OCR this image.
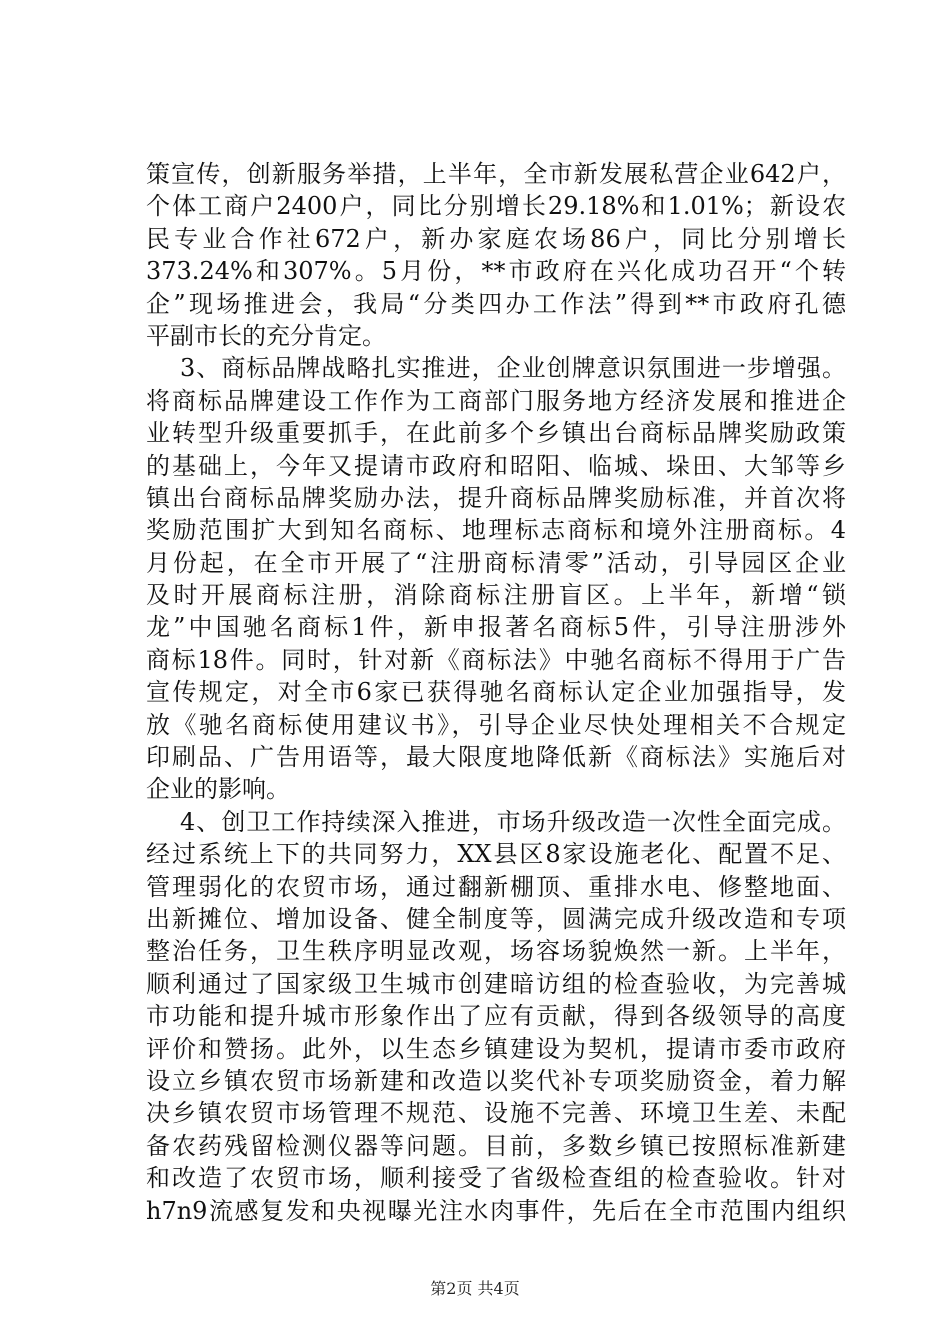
策宣传，创新服务举措，上半年，全市新发展私营企业642户，
个体工商户2400户，同比分别增长29.18%和1.01%；新设农
民专业合作社672户，新办家庭农场86户，同比分别增长
373.24%和307%。5月份，**市政府在兴化成功召开“个转
企”现场推进会，我局“分类四办工作法”得到**市政府孔德
平副市长的充分肯定。
3、商标品牌战略扎实推进，企业创牌意识氛围进一步增强。
将商标品牌建设工作作为工商部门服务地方经济发展和推进企
业转型升级重要抓手，在此前多个乡镇出台商标品牌奖励政策
的基础上，今年又提请市政府和昭阳、临城、垛田、大邹等乡
镇出台商标品牌奖励办法，提升商标品牌奖励标准，并首次将
奖励范围扩大到知名商标、地理标志商标和境外注册商标。4
月份起，在全市开展了“注册商标清零”活动，引导园区企业
及时开展商标注册，消除商标注册盲区。上半年，新增“锁
龙”中国驰名商标1件，新申报著名商标5件，引导注册涉外
商标18件。同时，针对新《商标法》中驰名商标不得用于广告
宣传规定，对全市6家已获得驰名商标认定企业加强指导，发
放《驰名商标使用建议书》，引导企业尽快处理相关不合规定
印刷品、广告用语等，最大限度地降低新《商标法》实施后对
企业的影响。
4、创卫工作持续深入推进，市场升级改造一次性全面完成。
经过系统上下的共同努力，XX县区8家设施老化、配置不足、
管理弱化的农贸市场，通过翻新棚顶、重排水电、修整地面、
出新摊位、增加设备、健全制度等，圆满完成升级改造和专项
整治任务，卫生秩序明显改观，场容场貌焕然一新。上半年，
顺利通过了国家级卫生城市创建暗访组的检查验收，为完善城
市功能和提升城市形象作出了应有贡献，得到各级领导的高度
评价和赞扬。此外，以生态乡镇建设为契机，提请市委市政府
设立乡镇农贸市场新建和改造以奖代补专项奖励资金，着力解
决乡镇农贸市场管理不规范、设施不完善、环境卫生差、未配
备农药残留检测仪器等问题。目前，多数乡镇已按照标准新建
和改造了农贸市场，顺利接受了省级检查组的检查验收。针对
h7n9流感复发和央视曝光注水肉事件，先后在全市范围内组织
第2页 共4页
